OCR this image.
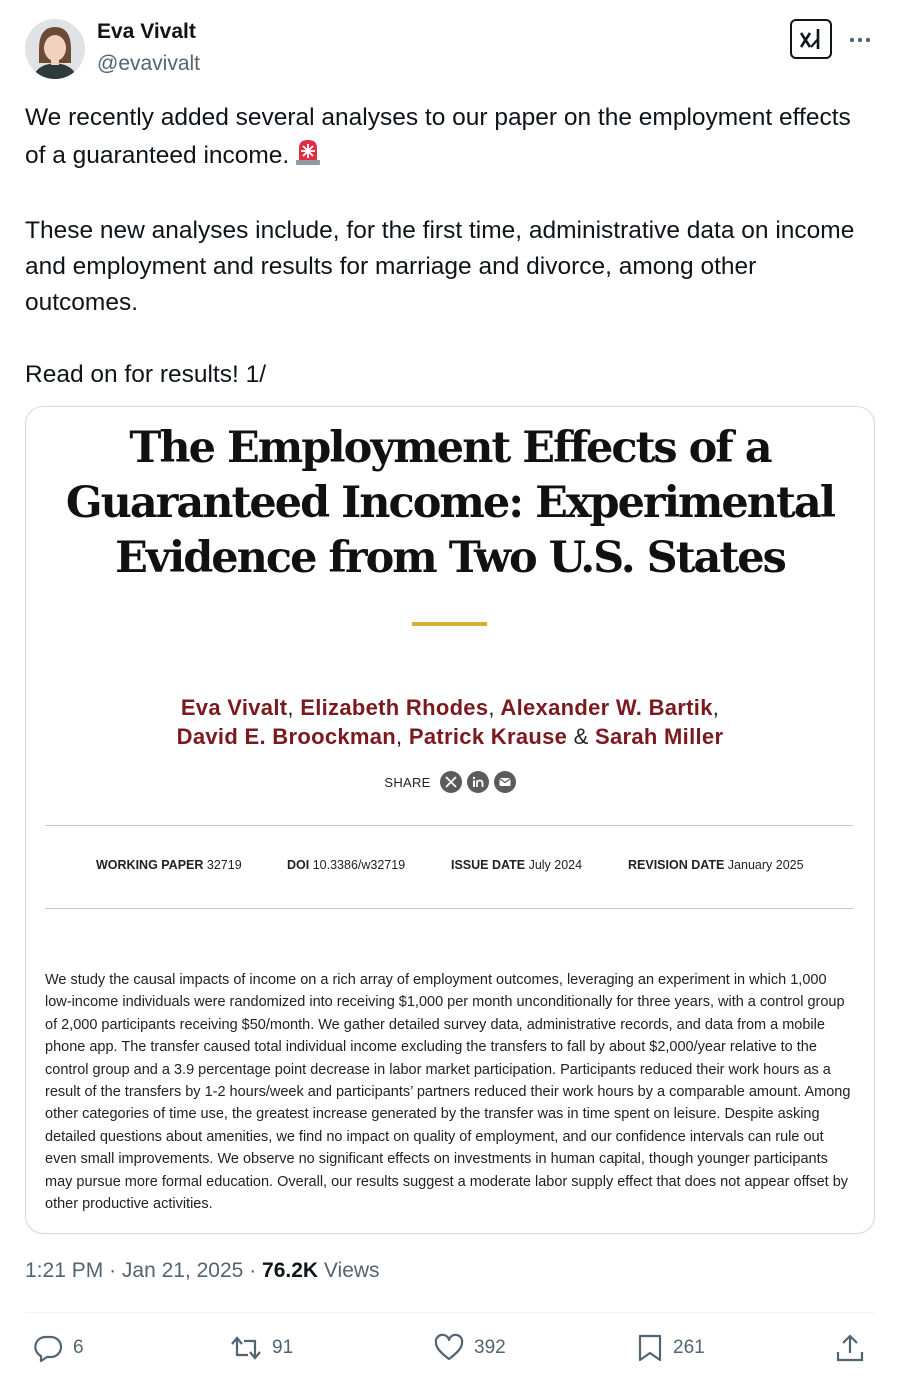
Eva Vivalt
@evavivalt

We recently added several analyses to our paper on the employment effects of a guaranteed income.

These new analyses include, for the first time, administrative data on income and employment and results for marriage and divorce, among other outcomes.

Read on for results! 1/

The Employment Effects of a
Guaranteed Income: Experimental
Evidence from Two U.S. States
Eva Vivalt, Elizabeth Rhodes, Alexander W. Bartik,
David E. Broockman, Patrick Krause & Sarah Miller
SHARE
WORKING PAPER 32719	DOI 10.3386/w32719	ISSUE DATE July 2024	REVISION DATE January 2025
We study the causal impacts of income on a rich array of employment outcomes, leveraging an experiment in which 1,000 low-income individuals were randomized into receiving $1,000 per month unconditionally for three years, with a control group of 2,000 participants receiving $50/month. We gather detailed survey data, administrative records, and data from a mobile phone app. The transfer caused total individual income excluding the transfers to fall by about $2,000/year relative to the control group and a 3.9 percentage point decrease in labor market participation. Participants reduced their work hours as a result of the transfers by 1-2 hours/week and participants’ partners reduced their work hours by a comparable amount. Among other categories of time use, the greatest increase generated by the transfer was in time spent on leisure. Despite asking detailed questions about amenities, we find no impact on quality of employment, and our confidence intervals can rule out even small improvements. We observe no significant effects on investments in human capital, though younger participants may pursue more formal education. Overall, our results suggest a moderate labor supply effect that does not appear offset by other productive activities.
1:21 PM · Jan 21, 2025 · 76.2K Views
6	91	392	261
